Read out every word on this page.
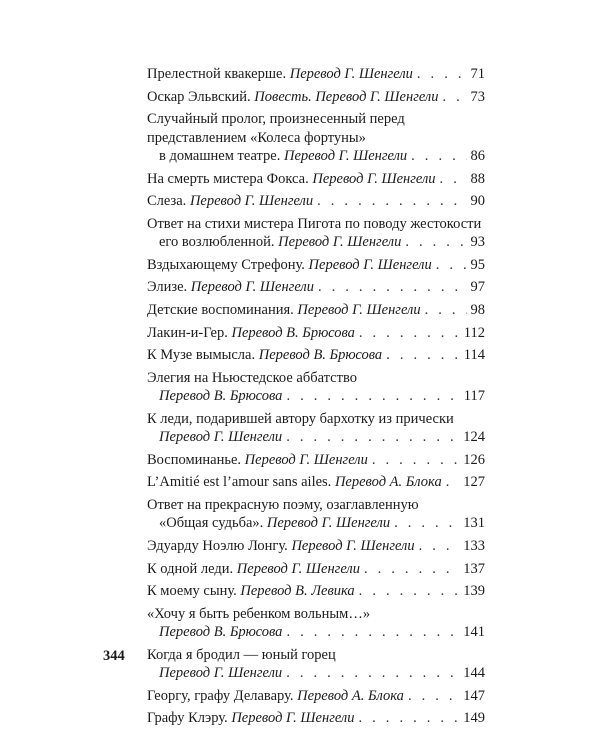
Прелестной квакерше. Перевод Г. Шенгели . . .	71
Оскар Эльвский. Повесть. Перевод Г. Шенгели . . . 73
Случайный пролог, произнесенный перед
представлением «Колеса фортуны»
в домашнем театре. Перевод Г. Шенгели . . .	86
На смерть мистера Фокса. Перевод Г. Шенгели . . . 88
Слеза. Перевод Г. Шенгели . . .	90
Ответ на стихи мистера Пигота по поводу жестокости
его возлюбленной. Перевод Г. Шенгели . . .	93
Вздыхающему Стрефону. Перевод Г. Шенгели . . .	95
Элизе. Перевод Г. Шенгели . . .	97
Детские воспоминания. Перевод Г. Шенгели . . .	98
Лакин-и-Гер. Перевод В. Брюсова . . .	112
К Музе вымысла. Перевод В. Брюсова . . .	114
Элегия на Ньюстедское аббатство
Перевод В. Брюсова . . .	117
К леди, подарившей автору бархотку из прически
Перевод Г. Шенгели . . .	124
Воспоминанье. Перевод Г. Шенгели . . .	126
L’Amitié est l’amour sans ailes. Перевод А. Блока . . . 127
Ответ на прекрасную поэму, озаглавленную
«Общая судьба». Перевод Г. Шенгели . . .	131
Эдуарду Ноэлю Лонгу. Перевод Г. Шенгели . . .	133
К одной леди. Перевод Г. Шенгели . . .	137
К моему сыну. Перевод В. Левика . . .	139
«Хочу я быть ребенком вольным…»
Перевод В. Брюсова . . .	141
Когда я бродил — юный горец
Перевод Г. Шенгели . . .	144
Георгу, графу Делавару. Перевод А. Блока . . .	147
Графу Клэру. Перевод Г. Шенгели . . .	149
344
